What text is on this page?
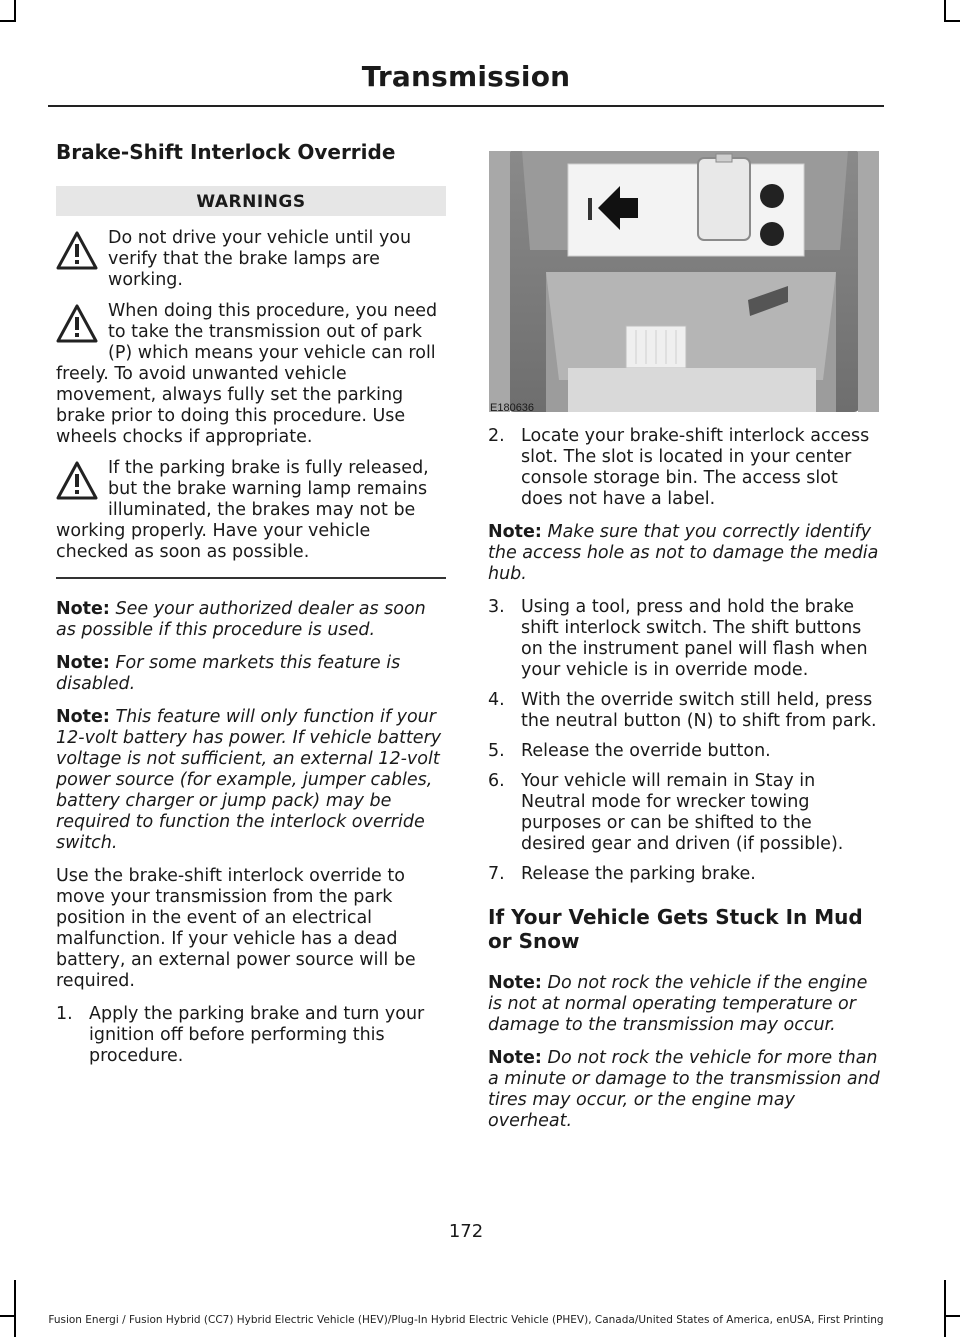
Transmission
Brake-Shift Interlock Override
WARNINGS
Do not drive your vehicle until you verify that the brake lamps are working.
When doing this procedure, you need to take the transmission out of park (P) which means your vehicle can roll freely. To avoid unwanted vehicle movement, always fully set the parking brake prior to doing this procedure. Use wheels chocks if appropriate.
If the parking brake is fully released, but the brake warning lamp remains illuminated, the brakes may not be working properly. Have your vehicle checked as soon as possible.

Note: See your authorized dealer as soon as possible if this procedure is used.

Note: For some markets this feature is disabled.

Note: This feature will only function if your 12-volt battery has power. If vehicle battery voltage is not sufficient, an external 12-volt power source (for example, jumper cables, battery charger or jump pack) may be required to function the interlock override switch.

Use the brake-shift interlock override to move your transmission from the park position in the event of an electrical malfunction. If your vehicle has a dead battery, an external power source will be required.

1. Apply the parking brake and turn your ignition off before performing this procedure.
E180636
2. Locate your brake-shift interlock access slot. The slot is located in your center console storage bin. The access slot does not have a label.

Note: Make sure that you correctly identify the access hole as not to damage the media hub.

3. Using a tool, press and hold the brake shift interlock switch. The shift buttons on the instrument panel will flash when your vehicle is in override mode.
4. With the override switch still held, press the neutral button (N) to shift from park.
5. Release the override button.
6. Your vehicle will remain in Stay in Neutral mode for wrecker towing purposes or can be shifted to the desired gear and driven (if possible).
7. Release the parking brake.
If Your Vehicle Gets Stuck In Mud or Snow

Note: Do not rock the vehicle if the engine is not at normal operating temperature or damage to the transmission may occur.

Note: Do not rock the vehicle for more than a minute or damage to the transmission and tires may occur, or the engine may overheat.

172
Fusion Energi / Fusion Hybrid (CC7) Hybrid Electric Vehicle (HEV)/Plug-In Hybrid Electric Vehicle (PHEV), Canada/United States of America, enUSA, First Printing
